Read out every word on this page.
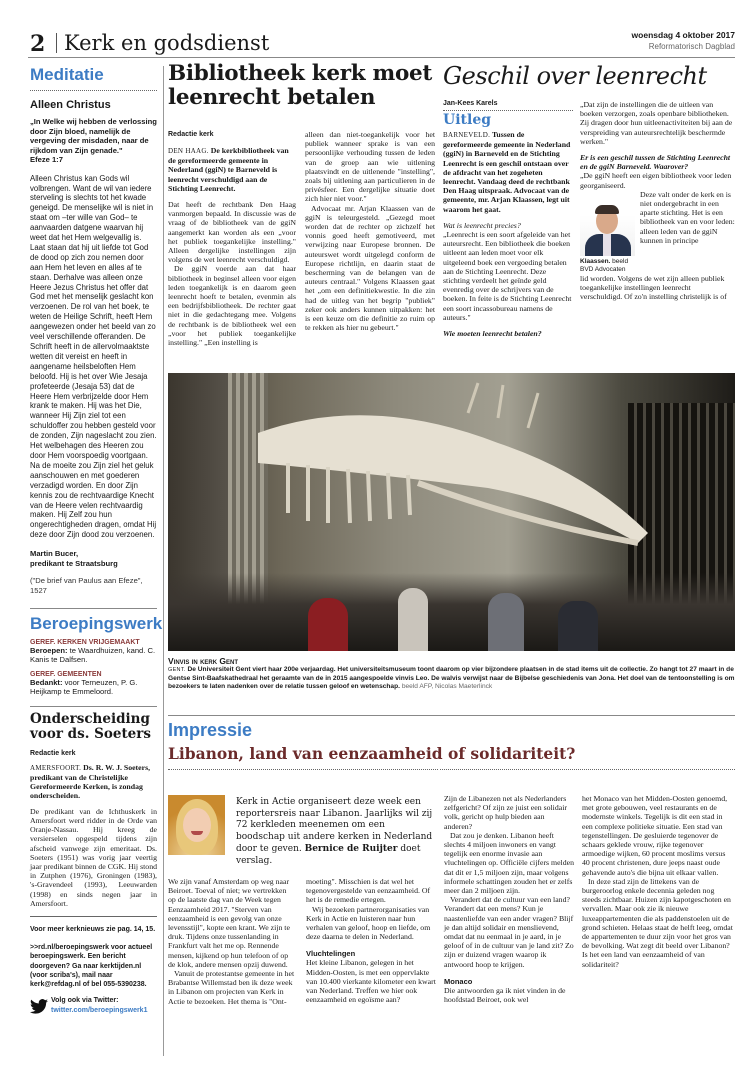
2 Kerk en godsdienst	woensdag 4 oktober 2017
Reformatorisch Dagblad
Meditatie
Alleen Christus
„In Welke wij hebben de verlossing door Zijn bloed, namelijk de vergeving der misdaden, naar de rijkdom van Zijn genade."
Efeze 1:7
Alleen Christus kan Gods wil volbrengen. Want de wil van iedere sterveling is slechts tot het kwade geneigd. De menselijke wil is niet in staat om –ter wille van God– te aanvaarden datgene waarvan hij weet dat het Hem welgevallig is. Laat staan dat hij uit liefde tot God de dood op zich zou nemen door aan Hem het leven en alles af te staan. Derhalve was alleen onze Heere Jezus Christus het offer dat God met het menselijk geslacht kon verzoenen. De rol van het boek, te weten de Heilige Schrift, heeft Hem aangewezen onder het beeld van zo veel verschillende offeranden. De Schrift heeft in de allervolmaaktste wetten dit vereist en heeft in aangename heilsbeloften Hem beloofd. Hij is het over Wie Jesaja profeteerde (Jesaja 53) dat de Heere Hem verbrijzelde door Hem krank te maken. Hij was het Die, wanneer Hij Zijn ziel tot een schuldoffer zou hebben gesteld voor de zonden, Zijn nageslacht zou zien. Het welbehagen des Heeren zou door Hem voorspoedig voortgaan. Na de moeite zou Zijn ziel het geluk aanschouwen en met goederen verzadigd worden. En door Zijn kennis zou de rechtvaardige Knecht van de Heere velen rechtvaardig maken. Hij Zelf zou hun ongerechtigheden dragen, omdat Hij deze door Zijn dood zou verzoenen.
Martin Bucer,
predikant te Straatsburg
("De brief van Paulus aan Efeze", 1527
Beroepingswerk
GEREF. KERKEN VRIJGEMAAKT
Beroepen: te Waardhuizen, kand. C. Kanis te Dalfsen.
GEREF. GEMEENTEN
Bedankt: voor Terneuzen, P. G. Heijkamp te Emmeloord.
Onderscheiding voor ds. Soeters
Redactie kerk
AMERSFOORT. Ds. R. W. J. Soeters, predikant van de Christelijke Gereformeerde Kerken, is zondag onderscheiden.
De predikant van de Ichthuskerk in Amersfoort werd ridder in de Orde van Oranje-Nassau. Hij kreeg de versierselen opgespeld tijdens zijn afscheid vanwege zijn emeritaat. Ds. Soeters (1951) was vorig jaar veertig jaar predikant binnen de CGK. Hij stond in Zutphen (1976), Groningen (1983), 's-Gravendeel (1993), Leeuwarden (1998) en sinds negen jaar in Amersfoort.
Voor meer kerknieuws zie pag. 14, 15.
>>rd.nl/beroepingswerk voor actueel beroepingswerk. Een bericht doorgeven? Ga naar kerktijden.nl (voor scriba's), mail naar kerk@refdag.nl of bel 055-5390238.
Volg ook via Twitter:
twitter.com/beroepingswerk1
Bibliotheek kerk moet leenrecht betalen
Redactie kerk
DEN HAAG. De kerkbibliotheek van de gereformeerde gemeente in Nederland (ggiN) te Barneveld is leenrecht verschuldigd aan de Stichting Leenrecht.
Dat heeft de rechtbank Den Haag vanmorgen bepaald. In discussie was de vraag of de bibliotheek van de ggiN aangemerkt kan worden als een „voor het publiek toegankelijke instelling." Alleen dergelijke instellingen zijn volgens de wet leenrecht verschuldigd.
De ggiN voerde aan dat haar bibliotheek in beginsel alleen voor eigen leden toegankelijk is en daarom geen leenrecht hoeft te betalen, evenmin als een bedrijfsbibliotheek. De rechter gaat niet in die gedachtegang mee. Volgens de rechtbank is de bibliotheek wel een „voor het publiek toegankelijke instelling." „Een instelling is
alleen dan niet-toegankelijk voor het publiek wanneer sprake is van een persoonlijke verhouding tussen de leden van de groep aan wie uitlening plaatsvindt en de uitlenende "instelling", zoals bij uitlening aan particulieren in de privésfeer. Een dergelijke situatie doet zich hier niet voor."
Advocaat mr. Arjan Klaassen van de ggiN is teleurgesteld. „Gezegd moet worden dat de rechter op zichzelf het vonnis goed heeft gemotiveerd, met verwijzing naar Europese bronnen. De auteurswet wordt uitgelegd conform de Europese richtlijn, en daarin staat de bescherming van de belangen van de auteurs centraal." Volgens Klaassen gaat het „om een definitiekwestie. In die zin had de uitleg van het begrip "publiek" zeker ook anders kunnen uitpakken: het is een keuze om die definitie zo ruim op te rekken als hier nu gebeurt."
Geschil over leenrecht
Jan-Kees Karels
Uitleg
BARNEVELD. Tussen de gereformeerde gemeente in Nederland (ggiN) in Barneveld en de Stichting Leenrecht is een geschil ontstaan over de afdracht van het zogeheten leenrecht. Vandaag deed de rechtbank Den Haag uitspraak. Advocaat van de gemeente, mr. Arjan Klaassen, legt uit waarom het gaat.
Wat is leenrecht precies?
„Leenrecht is een soort afgeleide van het auteursrecht. Een bibliotheek die boeken uitleent aan leden moet voor elk uitgeleend boek een vergoeding betalen aan de Stichting Leenrecht. Deze stichting verdeelt het geïnde geld evenredig over de schrijvers van de boeken. In feite is de Stichting Leenrecht een soort incassobureau namens de auteurs."
Wie moeten leenrecht betalen?
„Dat zijn de instellingen die de uitleen van boeken verzorgen, zoals openbare bibliotheken. Zij dragen door hun uitleenactiviteiten bij aan de verspreiding van auteursrechtelijk beschermde werken."
Er is een geschil tussen de Stichting Leenrecht en de ggiN Barneveld. Waarover?
„De ggiN heeft een eigen bibliotheek voor leden georganiseerd.
Klaassen. beeld BVD Advocaten
Deze valt onder de kerk en is niet ondergebracht in een aparte stichting. Het is een bibliotheek van en voor leden: alleen leden van de ggiN kunnen in principe
lid worden. Volgens de wet zijn alleen publiek toegankelijke instellingen leenrecht verschuldigd. Of zo'n instelling christelijk is of
Vinvis in kerk Gent
GENT. De Universiteit Gent viert haar 200e verjaardag. Het universiteitsmuseum toont daarom op vier bijzondere plaatsen in de stad items uit de collectie. Zo hangt tot 27 maart in de Gentse Sint-Baafskathedraal het geraamte van de in 2015 aangespoelde vinvis Leo. De walvis verwijst naar de Bijbelse geschiedenis van Jona. Het doel van de tentoonstelling is om bezoekers te laten nadenken over de relatie tussen geloof en wetenschap. beeld AFP, Nicolas Maeterlinck
Impressie
Libanon, land van eenzaamheid of solidariteit?
Kerk in Actie organiseert deze week een reportersreis naar Libanon. Jaarlijks wil zij 72 kerkleden meenemen om een boodschap uit andere kerken in Nederland door te geven. Bernice de Ruijter doet verslag.
We zijn vanaf Amsterdam op weg naar Beiroet. Toeval of niet; we vertrekken op de laatste dag van de Week tegen Eenzaamheid 2017. "Sterven van eenzaamheid is een gevolg van onze levensstijl", kopte een krant. We zijn te druk. Tijdens onze tussenlanding in Frankfurt valt het me op. Rennende mensen, kijkend op hun telefoon of op de klok, andere mensen opzij duwend.
Vanuit de protestantse gemeente in het Brabantse Willemstad ben ik deze week in Libanon om projecten van Kerk in Actie te bezoeken. Het thema is "Ont-
moeting". Misschien is dat wel het tegenovergestelde van eenzaamheid. Of het is de remedie ertegen.
Wij bezoeken partnerorganisaties van Kerk in Actie en luisteren naar hun verhalen van geloof, hoop en liefde, om deze daarna te delen in Nederland.
Vluchtelingen
Het kleine Libanon, gelegen in het Midden-Oosten, is met een oppervlakte van 10.400 vierkante kilometer een kwart van Nederland. Treffen we hier ook eenzaamheid en egoïsme aan?
Zijn de Libanezen net als Nederlanders zelfgericht? Of zijn ze juist een solidair volk, gericht op hulp bieden aan anderen?
Dat zou je denken. Libanon heeft slechts 4 miljoen inwoners en vangt tegelijk een enorme invasie aan vluchtelingen op. Officiële cijfers melden dat dit er 1,5 miljoen zijn, maar volgens informele schattingen zouden het er zelfs meer dan 2 miljoen zijn.
Verandert dat de cultuur van een land? Verandert dat een mens? Kun je naastenliefde van een ander vragen? Blijf je dan altijd solidair en menslievend, omdat dat nu eenmaal in je aard, in je geloof of in de cultuur van je land zit? Zo zijn er duizend vragen waarop ik antwoord hoop te krijgen.
Monaco
Die antwoorden ga ik niet vinden in de hoofdstad Beiroet, ook wel
het Monaco van het Midden-Oosten genoemd, met grote gebouwen, veel restaurants en de modernste winkels. Tegelijk is dit een stad in een complexe politieke situatie. Een stad van tegenstellingen. De gesluierde tegenover de schaars geklede vrouw, rijke tegenover armoedige wijken, 60 procent moslims versus 40 procent christenen, dure jeeps naast oude gehavende auto's die bijna uit elkaar vallen.
In deze stad zijn de littekens van de burgeroorlog enkele decennia geleden nog steeds zichtbaar. Huizen zijn kapotgeschoten en vervallen. Maar ook zie ik nieuwe luxeappartementen die als paddenstoelen uit de grond schieten. Helaas staat de helft leeg, omdat de appartementen te duur zijn voor het gros van de bevolking. Wat zegt dit beeld over Libanon? Is het een land van eenzaamheid of van solidariteit?
